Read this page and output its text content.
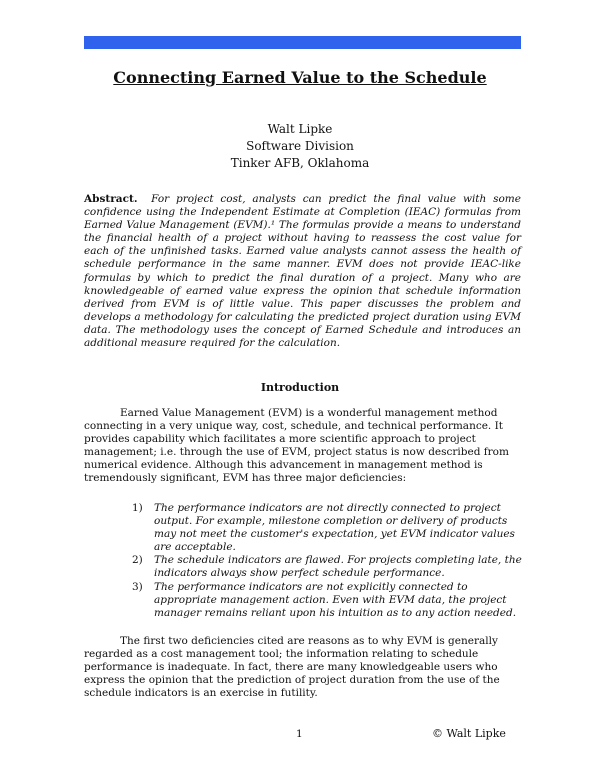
Connecting Earned Value to the Schedule
Walt Lipke
Software Division
Tinker AFB, Oklahoma

Abstract. For project cost, analysts can predict the final value with some confidence using the Independent Estimate at Completion (IEAC) formulas from Earned Value Management (EVM).¹ The formulas provide a means to understand the financial health of a project without having to reassess the cost value for each of the unfinished tasks. Earned value analysts cannot assess the health of schedule performance in the same manner. EVM does not provide IEAC-like formulas by which to predict the final duration of a project. Many who are knowledgeable of earned value express the opinion that schedule information derived from EVM is of little value. This paper discusses the problem and develops a methodology for calculating the predicted project duration using EVM data. The methodology uses the concept of Earned Schedule and introduces an additional measure required for the calculation.

Introduction

Earned Value Management (EVM) is a wonderful management method connecting in a very unique way, cost, schedule, and technical performance. It provides capability which facilitates a more scientific approach to project management; i.e. through the use of EVM, project status is now described from numerical evidence. Although this advancement in management method is tremendously significant, EVM has three major deficiencies:

1) The performance indicators are not directly connected to project output. For example, milestone completion or delivery of products may not meet the customer's expectation, yet EVM indicator values are acceptable.
2) The schedule indicators are flawed. For projects completing late, the indicators always show perfect schedule performance.
3) The performance indicators are not explicitly connected to appropriate management action. Even with EVM data, the project manager remains reliant upon his intuition as to any action needed.

The first two deficiencies cited are reasons as to why EVM is generally regarded as a cost management tool; the information relating to schedule performance is inadequate. In fact, there are many knowledgeable users who express the opinion that the prediction of project duration from the use of the schedule indicators is an exercise in futility.

1	© Walt Lipke
